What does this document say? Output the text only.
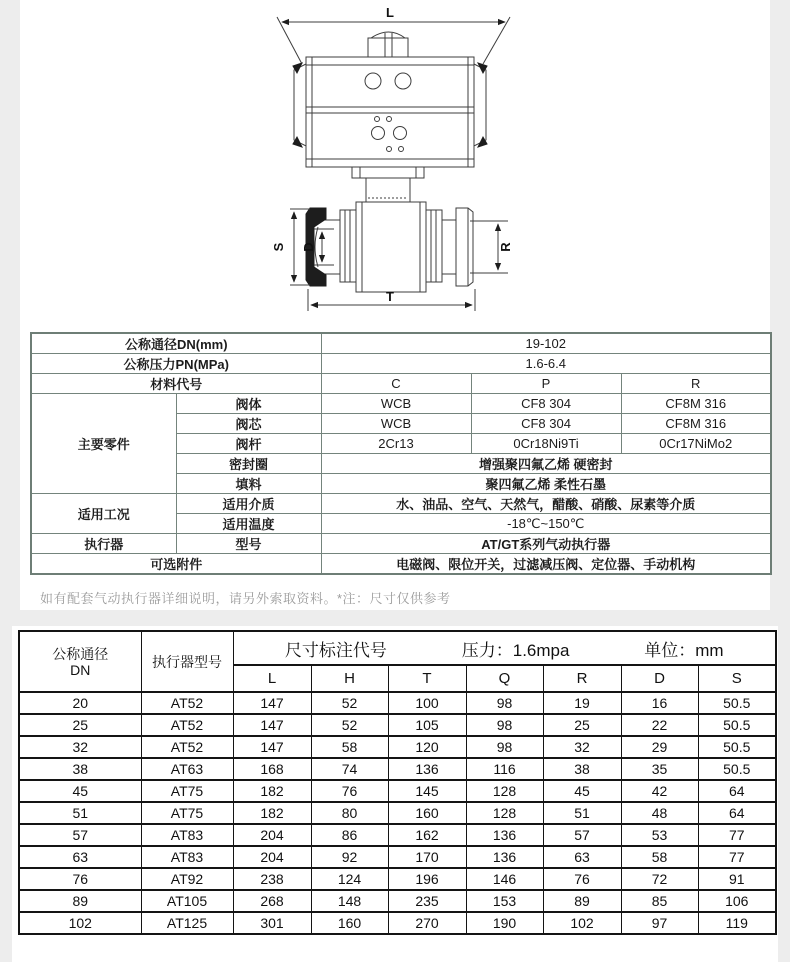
L
S D	R
T
公称通径DN(mm)		19-102		
公称压力PN(MPa)		1.6-6.4		
材料代号		C	P	R
主要零件	阀体	WCB	CF8 304	CF8M 316
	阀芯	WCB	CF8 304	CF8M 316
	阀杆	2Cr13	0Cr18Ni9Ti	0Cr17NiMo2
	密封圈	增强聚四氟乙烯 硬密封		
	填料	聚四氟乙烯 柔性石墨		
适用工况	适用介质	水、油品、空气、天然气，醋酸、硝酸、尿素等介质		
	适用温度	-18℃~150℃		
执行器	型号	AT/GT系列气动执行器		
可选附件		电磁阀、限位开关，过滤减压阀、定位器、手动机构		
如有配套气动执行器详细说明，请另外索取资料。*注：尺寸仅供参考
公称通径
DN	执行器型号	
尺寸标注代号	压力：1.6mpa	单位：mm

		L	H	T	Q	R	D	S
20	AT52	147	52	100	98	19	16	50.5
25	AT52	147	52	105	98	25	22	50.5
32	AT52	147	58	120	98	32	29	50.5
38	AT63	168	74	136	116	38	35	50.5
45	AT75	182	76	145	128	45	42	64
51	AT75	182	80	160	128	51	48	64
57	AT83	204	86	162	136	57	53	77
63	AT83	204	92	170	136	63	58	77
76	AT92	238	124	196	146	76	72	91
89	AT105	268	148	235	153	89	85	106
102	AT125	301	160	270	190	102	97	119
